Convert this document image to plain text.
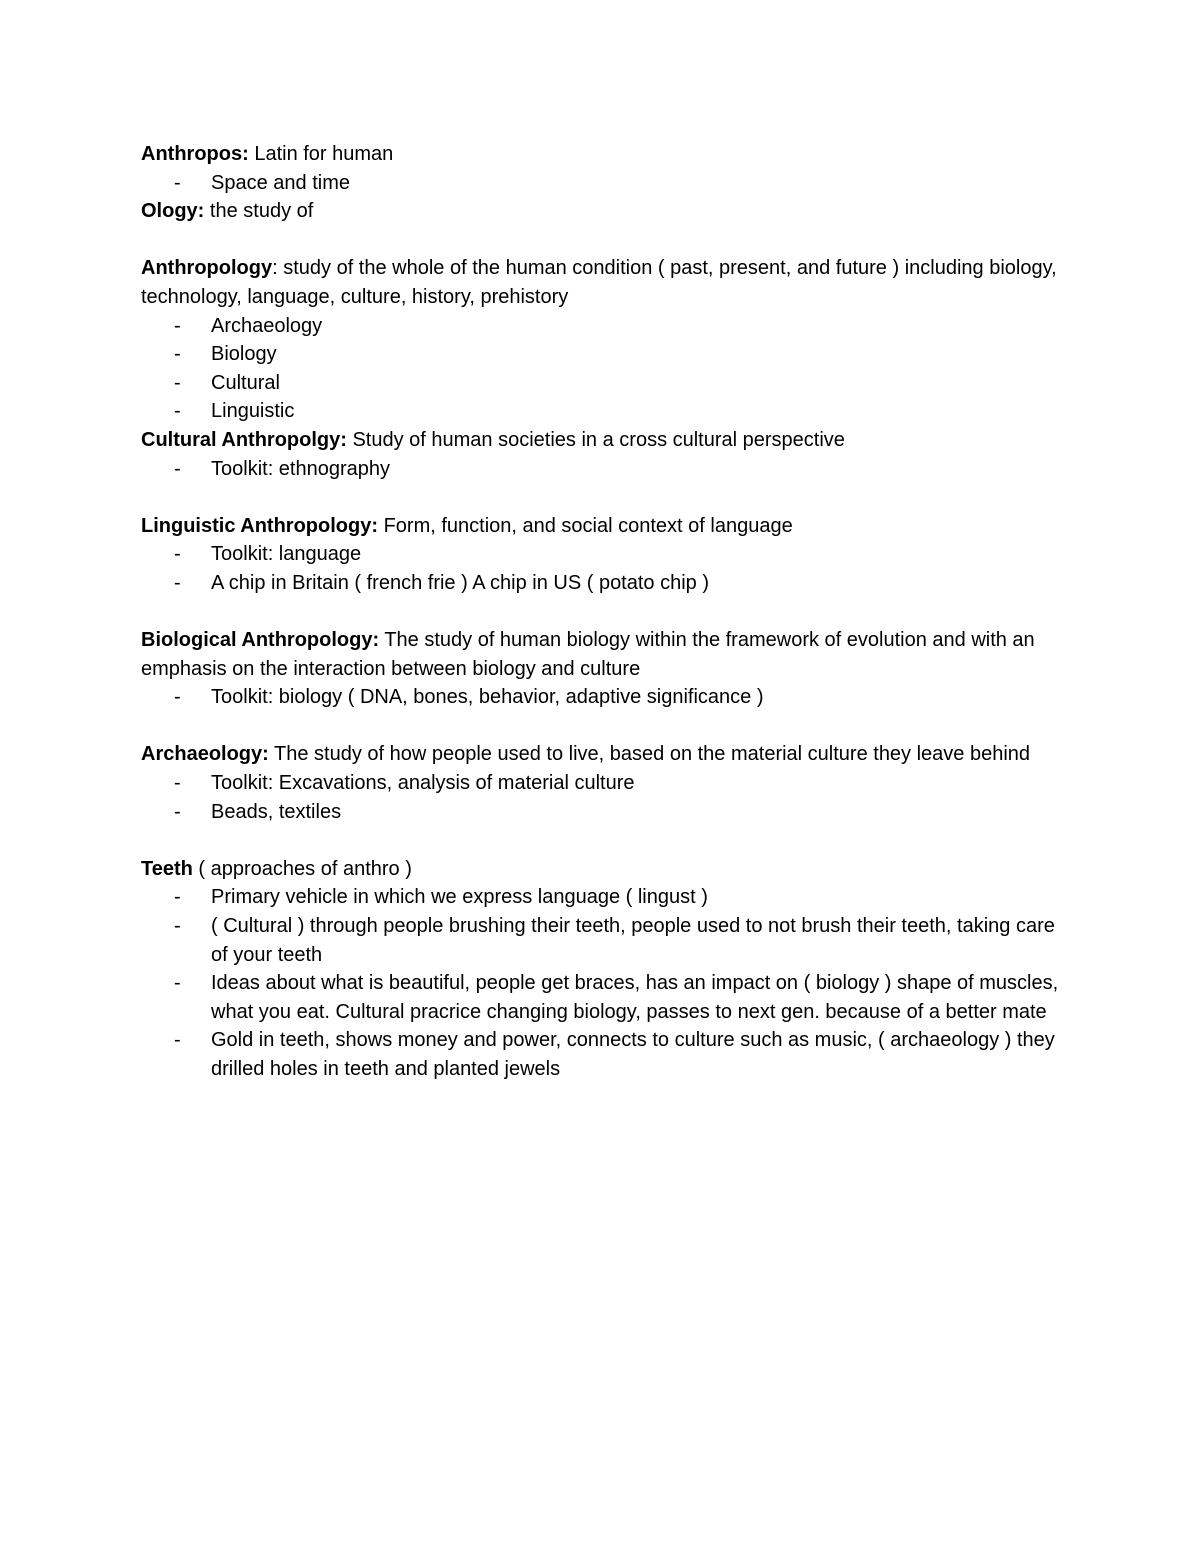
Anthropos: Latin for human

- Space and time

Ology: the study of

Anthropology: study of the whole of the human condition ( past, present, and future ) including biology, technology, language, culture, history, prehistory

- Archaeology
- Biology
- Cultural
- Linguistic

Cultural Anthropolgy: Study of human societies in a cross cultural perspective

- Toolkit: ethnography

Linguistic Anthropology: Form, function, and social context of language

- Toolkit: language
- A chip in Britain ( french frie ) A chip in US ( potato chip )

Biological Anthropology: The study of human biology within the framework of evolution and with an emphasis on the interaction between biology and culture

- Toolkit: biology ( DNA, bones, behavior, adaptive significance )

Archaeology: The study of how people used to live, based on the material culture they leave behind

- Toolkit: Excavations, analysis of material culture
- Beads, textiles

Teeth ( approaches of anthro )

- Primary vehicle in which we express language ( lingust )
- ( Cultural ) through people brushing their teeth, people used to not brush their teeth, taking care of your teeth
- Ideas about what is beautiful, people get braces, has an impact on ( biology ) shape of muscles, what you eat. Cultural pracrice changing biology, passes to next gen. because of a better mate
- Gold in teeth, shows money and power, connects to culture such as music, ( archaeology ) they drilled holes in teeth and planted jewels
